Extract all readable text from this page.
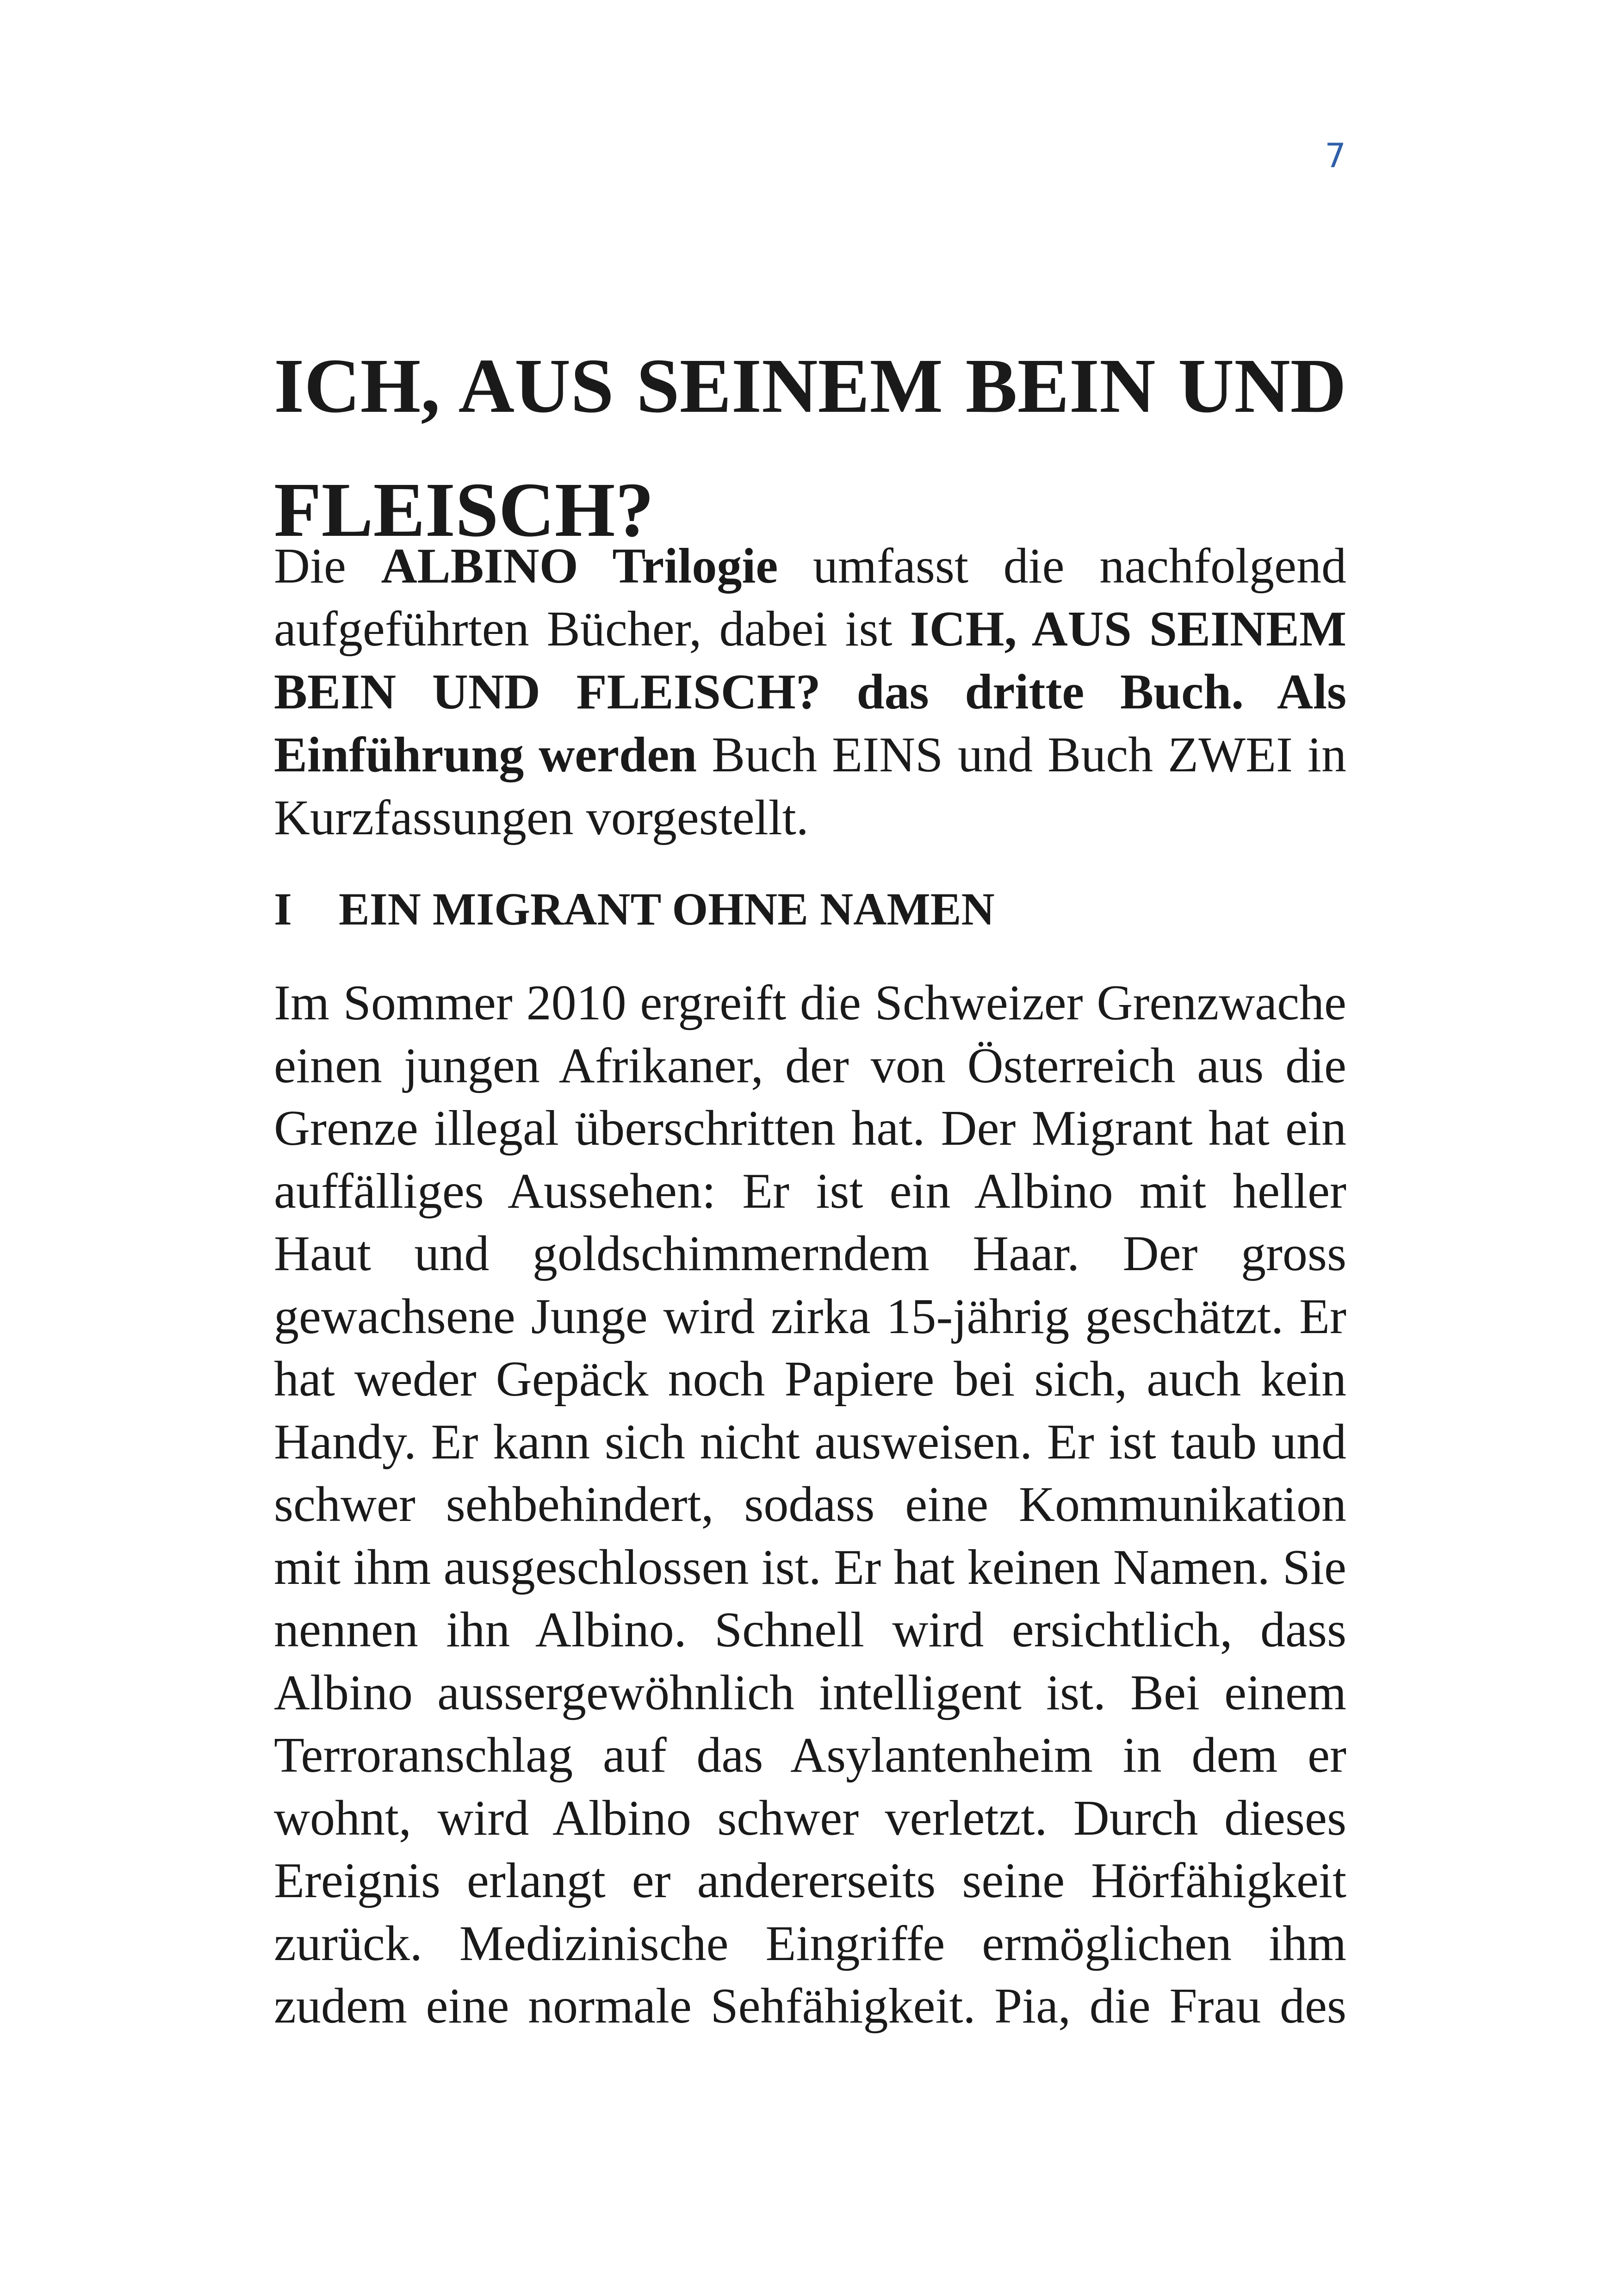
7
ICH, AUS SEINEM BEIN UND FLEISCH?

Die ALBINO Trilogie umfasst die nachfolgend aufgeführten Bücher, dabei ist ICH, AUS SEINEM BEIN UND FLEISCH? das dritte Buch. Als Einführung werden Buch EINS und Buch ZWEI in Kurzfassungen vorgestellt.

I EIN MIGRANT OHNE NAMEN

Im Sommer 2010 ergreift die Schweizer Grenzwache einen jungen Afrikaner, der von Österreich aus die Grenze illegal überschritten hat. Der Migrant hat ein auffälliges Aussehen: Er ist ein Albino mit heller Haut und goldschimmerndem Haar. Der gross gewachsene Junge wird zirka 15-jährig geschätzt. Er hat weder Gepäck noch Papiere bei sich, auch kein Handy. Er kann sich nicht ausweisen. Er ist taub und schwer sehbehindert, sodass eine Kommunikation mit ihm ausgeschlossen ist. Er hat keinen Namen. Sie nennen ihn Albino. Schnell wird ersichtlich, dass Albino aussergewöhnlich intelligent ist. Bei einem Terroranschlag auf das Asylantenheim in dem er wohnt, wird Albino schwer verletzt. Durch dieses Ereignis erlangt er andererseits seine Hörfähigkeit zurück. Medizinische Eingriffe ermöglichen ihm zudem eine normale Sehfähigkeit. Pia, die Frau des
